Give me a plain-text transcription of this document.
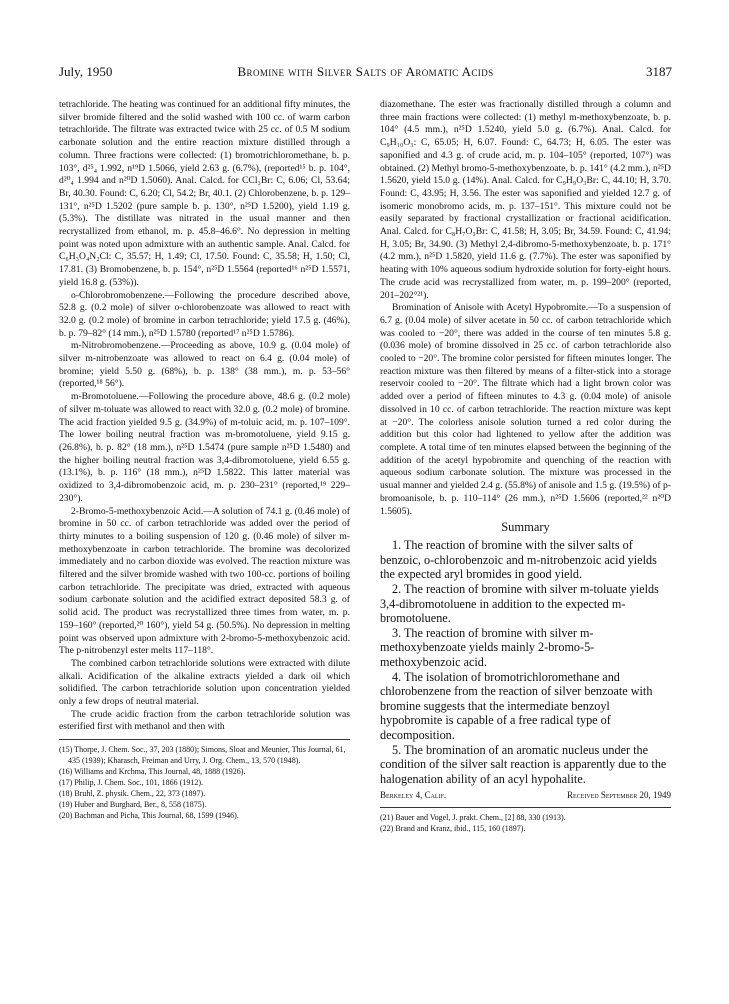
July, 1950	Bromine with Silver Salts of Aromatic Acids	3187

tetrachloride. The heating was continued for an additional fifty minutes, the silver bromide filtered and the solid washed with 100 cc. of warm carbon tetrachloride. The filtrate was extracted twice with 25 cc. of 0.5 M sodium carbonate solution and the entire reaction mixture distilled through a column. Three fractions were collected: (1) bromotrichloromethane, b. p. 103°, d²⁵₄ 1.992, n¹⁹D 1.5066, yield 2.63 g. (6.7%), (reported¹⁵ b. p. 104°, d²⁰₄ 1.994 and n²⁰D 1.5060). Anal. Calcd. for CCl₃Br: C, 6.06; Cl, 53.64; Br, 40.30. Found: C, 6.20; Cl, 54.2; Br, 40.1. (2) Chlorobenzene, b. p. 129–131°, n²⁵D 1.5202 (pure sample b. p. 130°, n²⁵D 1.5200), yield 1.19 g. (5.3%). The distillate was nitrated in the usual manner and then recrystallized from ethanol, m. p. 45.8–46.6°. No depression in melting point was noted upon admixture with an authentic sample. Anal. Calcd. for C₆H₃O₄N₂Cl: C, 35.57; H, 1.49; Cl, 17.50. Found: C, 35.58; H, 1.50; Cl, 17.81. (3) Bromobenzene, b. p. 154°, n²⁵D 1.5564 (reported¹⁶ n²⁵D 1.5571, yield 16.8 g. (53%)).

o-Chlorobromobenzene.—Following the procedure described above, 52.8 g. (0.2 mole) of silver o-chlorobenzoate was allowed to react with 32.0 g. (0.2 mole) of bromine in carbon tetrachloride; yield 17.5 g. (46%), b. p. 79–82° (14 mm.), n²⁵D 1.5780 (reported¹⁷ n²⁵D 1.5786).

m-Nitrobromobenzene.—Proceeding as above, 10.9 g. (0.04 mole) of silver m-nitrobenzoate was allowed to react on 6.4 g. (0.04 mole) of bromine; yield 5.50 g. (68%), b. p. 138° (38 mm.), m. p. 53–56° (reported,¹⁸ 56°).

m-Bromotoluene.—Following the procedure above, 48.6 g. (0.2 mole) of silver m-toluate was allowed to react with 32.0 g. (0.2 mole) of bromine. The acid fraction yielded 9.5 g. (34.9%) of m-toluic acid, m. p. 107–109°. The lower boiling neutral fraction was m-bromotoluene, yield 9.15 g. (26.8%), b. p. 82° (18 mm.), n²⁵D 1.5474 (pure sample n²⁵D 1.5480) and the higher boiling neutral fraction was 3,4-dibromotoluene, yield 6.55 g. (13.1%), b. p. 116° (18 mm.), n²⁵D 1.5822. This latter material was oxidized to 3,4-dibromobenzoic acid, m. p. 230–231° (reported,¹⁹ 229–230°).

2-Bromo-5-methoxybenzoic Acid.—A solution of 74.1 g. (0.46 mole) of bromine in 50 cc. of carbon tetrachloride was added over the period of thirty minutes to a boiling suspension of 120 g. (0.46 mole) of silver m-methoxybenzoate in carbon tetrachloride. The bromine was decolorized immediately and no carbon dioxide was evolved. The reaction mixture was filtered and the silver bromide washed with two 100-cc. portions of boiling carbon tetrachloride. The precipitate was dried, extracted with aqueous sodium carbonate solution and the acidified extract deposited 58.3 g. of solid acid. The product was recrystallized three times from water, m. p. 159–160° (reported,²⁰ 160°), yield 54 g. (50.5%). No depression in melting point was observed upon admixture with 2-bromo-5-methoxybenzoic acid. The p-nitrobenzyl ester melts 117–118°.

The combined carbon tetrachloride solutions were extracted with dilute alkali. Acidification of the alkaline extracts yielded a dark oil which solidified. The carbon tetrachloride solution upon concentration yielded only a few drops of neutral material.

The crude acidic fraction from the carbon tetrachloride solution was esterified first with methanol and then with

(15) Thorpe, J. Chem. Soc., 37, 203 (1880); Simons, Sloat and Meunier, This Journal, 61, 435 (1939); Kharasch, Freiman and Urry, J. Org. Chem., 13, 570 (1948).

(16) Williams and Krchma, This Journal, 48, 1888 (1926).

(17) Philip, J. Chem. Soc., 101, 1866 (1912).

(18) Bruhl, Z. physik. Chem., 22, 373 (1897).

(19) Huber and Burghard, Ber., 8, 558 (1875).

(20) Bachman and Picha, This Journal, 68, 1599 (1946).

diazomethane. The ester was fractionally distilled through a column and three main fractions were collected: (1) methyl m-methoxybenzoate, b. p. 104° (4.5 mm.), n²⁵D 1.5240, yield 5.0 g. (6.7%). Anal. Calcd. for C₉H₁₀O₃: C, 65.05; H, 6.07. Found: C, 64.73; H, 6.05. The ester was saponified and 4.3 g. of crude acid, m. p. 104–105° (reported, 107°) was obtained. (2) Methyl bromo-5-methoxybenzoate, b. p. 141° (4.2 mm.), n²⁵D 1.5620, yield 15.0 g. (14%). Anal. Calcd. for C₉H₉O₃Br: C, 44.10; H, 3.70. Found: C, 43.95; H, 3.56. The ester was saponified and yielded 12.7 g. of isomeric monobromo acids, m. p. 137–151°. This mixture could not be easily separated by fractional crystallization or fractional acidification. Anal. Calcd. for C₈H₇O₃Br: C, 41.58; H, 3.05; Br, 34.59. Found: C, 41.94; H, 3.05; Br, 34.90. (3) Methyl 2,4-dibromo-5-methoxybenzoate, b. p. 171° (4.2 mm.), n²⁵D 1.5820, yield 11.6 g. (7.7%). The ester was saponified by heating with 10% aqueous sodium hydroxide solution for forty-eight hours. The crude acid was recrystallized from water, m. p. 199–200° (reported, 201–202°²¹).

Bromination of Anisole with Acetyl Hypobromite.—To a suspension of 6.7 g. (0.04 mole) of silver acetate in 50 cc. of carbon tetrachloride which was cooled to −20°, there was added in the course of ten minutes 5.8 g. (0.036 mole) of bromine dissolved in 25 cc. of carbon tetrachloride also cooled to −20°. The bromine color persisted for fifteen minutes longer. The reaction mixture was then filtered by means of a filter-stick into a storage reservoir cooled to −20°. The filtrate which had a light brown color was added over a period of fifteen minutes to 4.3 g. (0.04 mole) of anisole dissolved in 10 cc. of carbon tetrachloride. The reaction mixture was kept at −20°. The colorless anisole solution turned a red color during the addition but this color had lightened to yellow after the addition was complete. A total time of ten minutes elapsed between the beginning of the addition of the acetyl hypobromite and quenching of the reaction with aqueous sodium carbonate solution. The mixture was processed in the usual manner and yielded 2.4 g. (55.8%) of anisole and 1.5 g. (19.5%) of p-bromoanisole, b. p. 110–114° (26 mm.), n²⁵D 1.5606 (reported,²² n²⁰D 1.5605).

Summary

1. The reaction of bromine with the silver salts of benzoic, o-chlorobenzoic and m-nitrobenzoic acid yields the expected aryl bromides in good yield.

2. The reaction of bromine with silver m-toluate yields 3,4-dibromotoluene in addition to the expected m-bromotoluene.

3. The reaction of bromine with silver m-methoxybenzoate yields mainly 2-bromo-5-methoxybenzoic acid.

4. The isolation of bromotrichloromethane and chlorobenzene from the reaction of silver benzoate with bromine suggests that the intermediate benzoyl hypobromite is capable of a free radical type of decomposition.

5. The bromination of an aromatic nucleus under the condition of the silver salt reaction is apparently due to the halogenation ability of an acyl hypohalite.

Berkeley 4, Calif.	Received September 20, 1949

(21) Bauer and Vogel, J. prakt. Chem., [2] 88, 330 (1913).

(22) Brand and Kranz, ibid., 115, 160 (1897).
